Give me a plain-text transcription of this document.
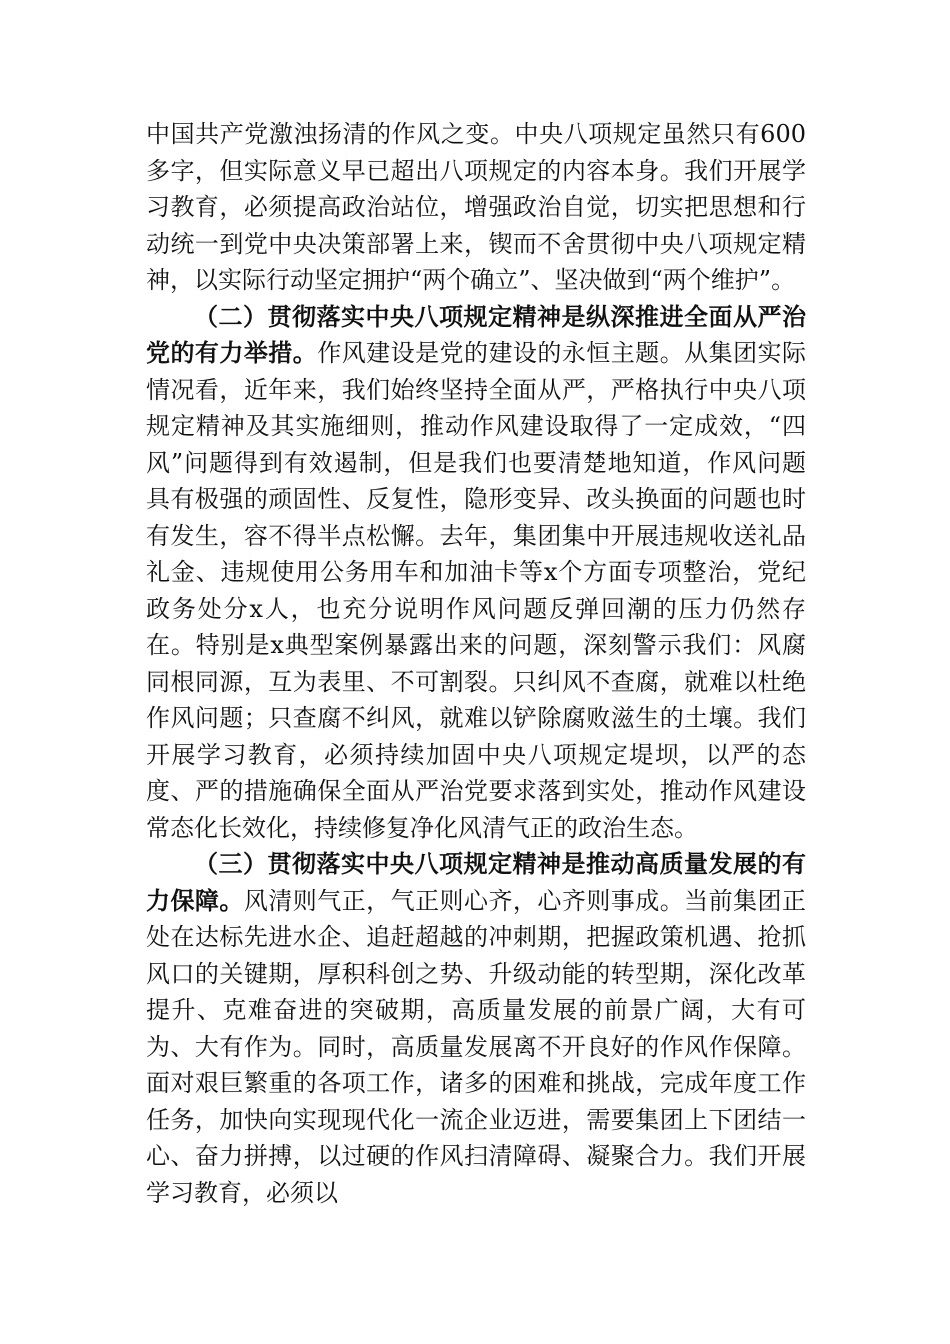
中国共产党激浊扬清的作风之变。中央八项规定虽然只有600多字，但实际意义早已超出八项规定的内容本身。我们开展学习教育，必须提高政治站位，增强政治自觉，切实把思想和行动统一到党中央决策部署上来，锲而不舍贯彻中央八项规定精神，以实际行动坚定拥护“两个确立”、坚决做到“两个维护”。

（二）贯彻落实中央八项规定精神是纵深推进全面从严治党的有力举措。作风建设是党的建设的永恒主题。从集团实际情况看，近年来，我们始终坚持全面从严，严格执行中央八项规定精神及其实施细则，推动作风建设取得了一定成效，“四风”问题得到有效遏制，但是我们也要清楚地知道，作风问题具有极强的顽固性、反复性，隐形变异、改头换面的问题也时有发生，容不得半点松懈。去年，集团集中开展违规收送礼品礼金、违规使用公务用车和加油卡等x个方面专项整治，党纪政务处分x人，也充分说明作风问题反弹回潮的压力仍然存在。特别是x典型案例暴露出来的问题，深刻警示我们：风腐同根同源，互为表里、不可割裂。只纠风不查腐，就难以杜绝作风问题；只查腐不纠风，就难以铲除腐败滋生的土壤。我们开展学习教育，必须持续加固中央八项规定堤坝，以严的态度、严的措施确保全面从严治党要求落到实处，推动作风建设常态化长效化，持续修复净化风清气正的政治生态。

（三）贯彻落实中央八项规定精神是推动高质量发展的有力保障。风清则气正，气正则心齐，心齐则事成。当前集团正处在达标先进水企、追赶超越的冲刺期，把握政策机遇、抢抓风口的关键期，厚积科创之势、升级动能的转型期，深化改革提升、克难奋进的突破期，高质量发展的前景广阔，大有可为、大有作为。同时，高质量发展离不开良好的作风作保障。面对艰巨繁重的各项工作，诸多的困难和挑战，完成年度工作任务，加快向实现现代化一流企业迈进，需要集团上下团结一心、奋力拼搏，以过硬的作风扫清障碍、凝聚合力。我们开展学习教育，必须以
